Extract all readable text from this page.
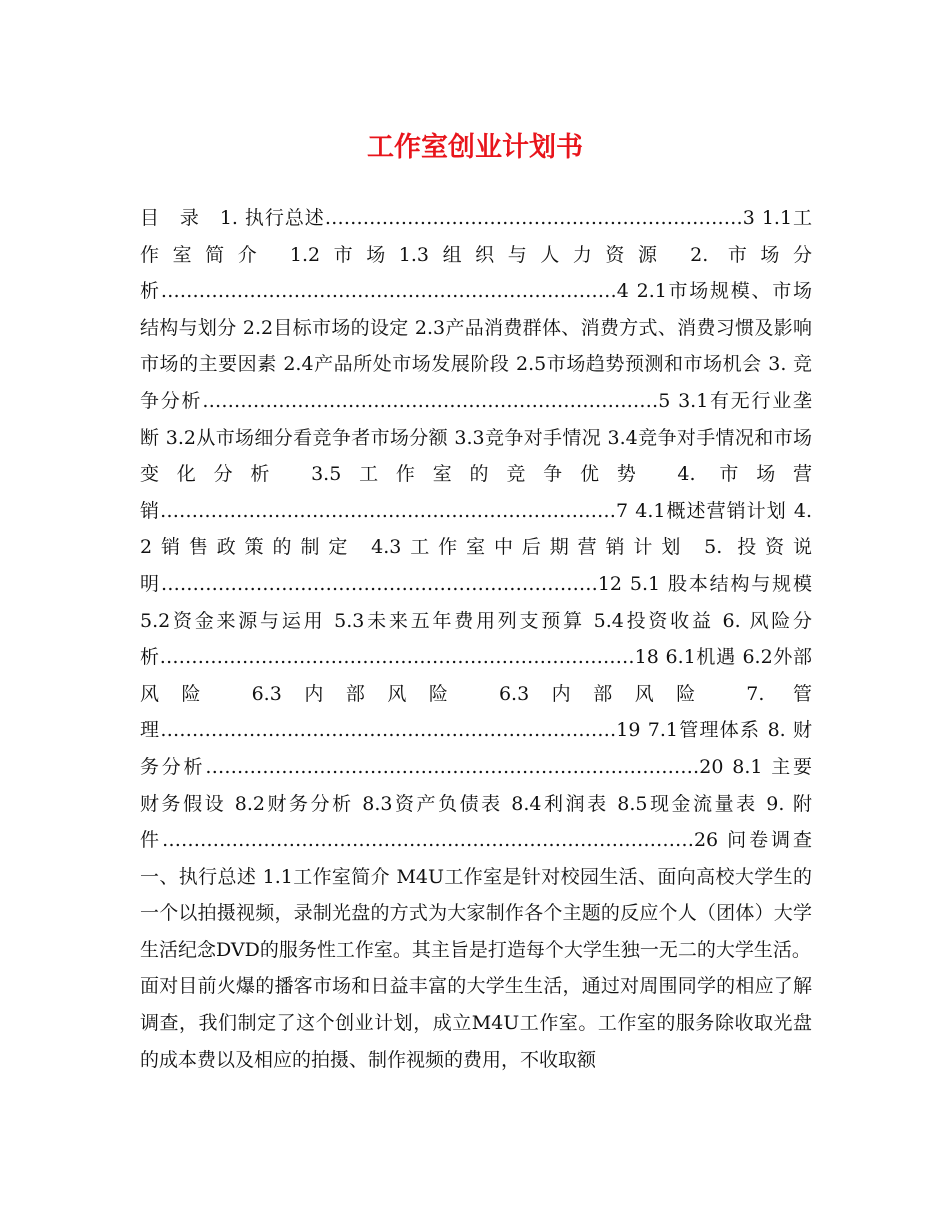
工作室创业计划书

目　录　1. 执行总述…………………………………………………………3 1.1工作室简介 1.2市场1.3组织与人力资源 2. 市场分析………………………………………………………………4 2.1市场规模、市场结构与划分 2.2目标市场的设定 2.3产品消费群体、消费方式、消费习惯及影响市场的主要因素 2.4产品所处市场发展阶段 2.5市场趋势预测和市场机会 3. 竞争分析………………………………………………………………5 3.1有无行业垄断 3.2从市场细分看竞争者市场分额 3.3竞争对手情况 3.4竞争对手情况和市场变化分析 3.5工作室的竞争优势 4. 市场营销………………………………………………………………7 4.1概述营销计划 4.2销售政策的制定 4.3工作室中后期营销计划 5. 投资说明……………………………………………………………12 5.1 股本结构与规模 5.2资金来源与运用 5.3未来五年费用列支预算 5.4投资收益 6. 风险分析…………………………………………………………………18 6.1机遇 6.2外部风险 6.3内部风险 6.3内部风险 7. 管理………………………………………………………………19 7.1管理体系 8. 财务分析……………………………………………………………………20 8.1 主要财务假设 8.2财务分析 8.3资产负债表 8.4利润表 8.5现金流量表 9. 附件…………………………………………………………………………26 问卷调查　　一、执行总述 1.1工作室简介 M4U工作室是针对校园生活、面向高校大学生的一个以拍摄视频，录制光盘的方式为大家制作各个主题的反应个人（团体）大学生活纪念DVD的服务性工作室。其主旨是打造每个大学生独一无二的大学生活。

面对目前火爆的播客市场和日益丰富的大学生生活，通过对周围同学的相应了解调查，我们制定了这个创业计划，成立M4U工作室。工作室的服务除收取光盘的成本费以及相应的拍摄、制作视频的费用，不收取额
